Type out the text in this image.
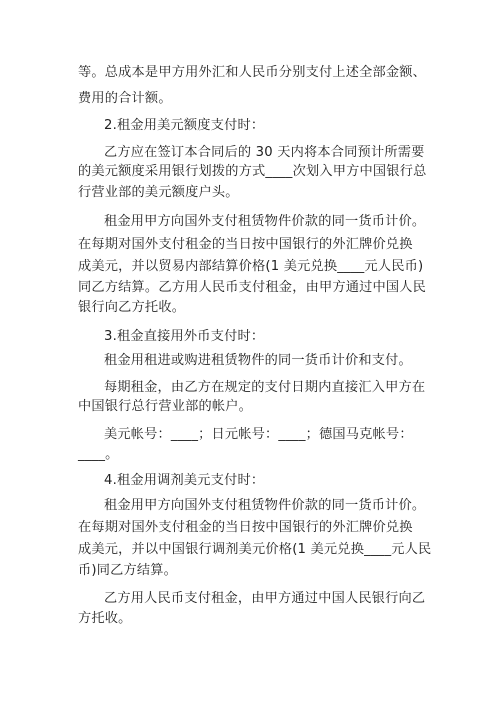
等。总成本是甲方用外汇和人民币分别支付上述全部金额、
费用的合计额。
2.租金用美元额度支付时：
乙方应在签订本合同后的 30 天内将本合同预计所需要
的美元额度采用银行划拨的方式____次划入甲方中国银行总
行营业部的美元额度户头。
租金用甲方向国外支付租赁物件价款的同一货币计价。
在每期对国外支付租金的当日按中国银行的外汇牌价兑换
成美元，并以贸易内部结算价格(1 美元兑换____元人民币)
同乙方结算。乙方用人民币支付租金，由甲方通过中国人民
银行向乙方托收。
3.租金直接用外币支付时：
租金用租进或购进租赁物件的同一货币计价和支付。
每期租金，由乙方在规定的支付日期内直接汇入甲方在
中国银行总行营业部的帐户。
美元帐号：____；日元帐号：____；德国马克帐号：
____。
4.租金用调剂美元支付时：
租金用甲方向国外支付租赁物件价款的同一货币计价。
在每期对国外支付租金的当日按中国银行的外汇牌价兑换
成美元，并以中国银行调剂美元价格(1 美元兑换____元人民
币)同乙方结算。
乙方用人民币支付租金，由甲方通过中国人民银行向乙
方托收。
